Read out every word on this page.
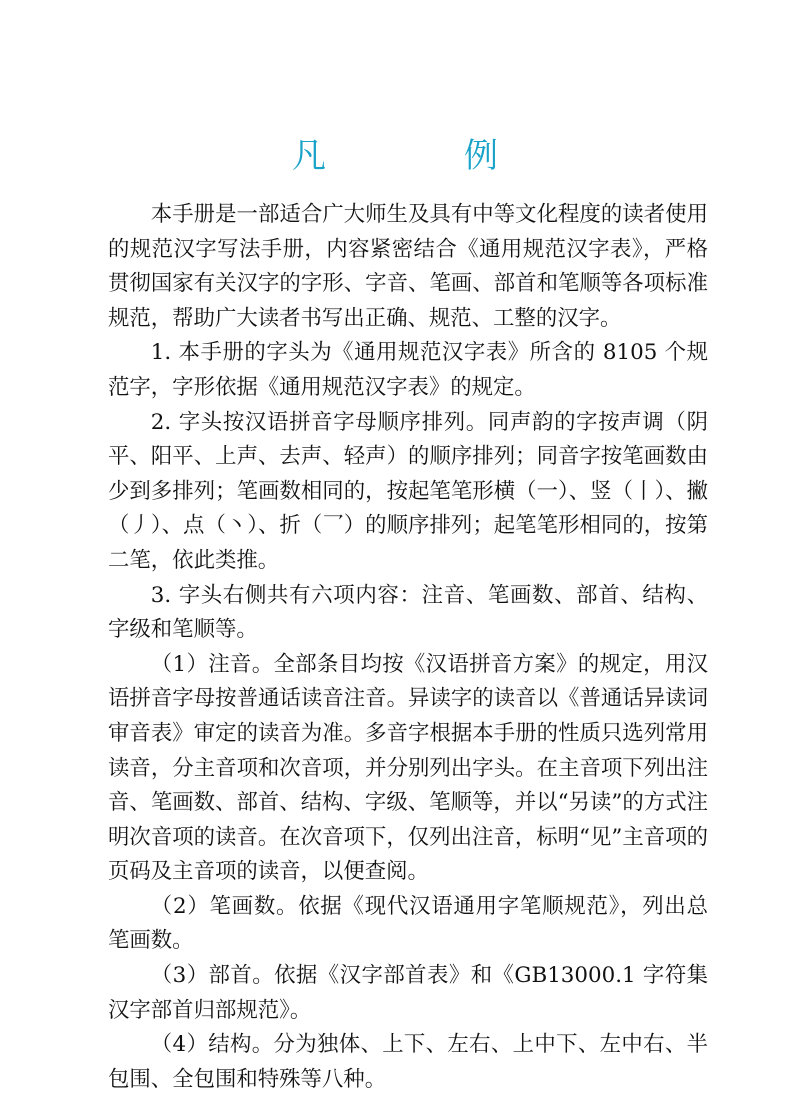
凡　例

本手册是一部适合广大师生及具有中等文化程度的读者使用的规范汉字写法手册，内容紧密结合《通用规范汉字表》，严格贯彻国家有关汉字的字形、字音、笔画、部首和笔顺等各项标准规范，帮助广大读者书写出正确、规范、工整的汉字。

1. 本手册的字头为《通用规范汉字表》所含的 8105 个规范字，字形依据《通用规范汉字表》的规定。

2. 字头按汉语拼音字母顺序排列。同声韵的字按声调（阴平、阳平、上声、去声、轻声）的顺序排列；同音字按笔画数由少到多排列；笔画数相同的，按起笔笔形横（一）、竖（丨）、撇（丿）、点（丶）、折（乛）的顺序排列；起笔笔形相同的，按第二笔，依此类推。

3. 字头右侧共有六项内容：注音、笔画数、部首、结构、字级和笔顺等。

（1）注音。全部条目均按《汉语拼音方案》的规定，用汉语拼音字母按普通话读音注音。异读字的读音以《普通话异读词审音表》审定的读音为准。多音字根据本手册的性质只选列常用读音，分主音项和次音项，并分别列出字头。在主音项下列出注音、笔画数、部首、结构、字级、笔顺等，并以“另读”的方式注明次音项的读音。在次音项下，仅列出注音，标明“见”主音项的页码及主音项的读音，以便查阅。

（2）笔画数。依据《现代汉语通用字笔顺规范》，列出总笔画数。

（3）部首。依据《汉字部首表》和《GB13000.1 字符集汉字部首归部规范》。

（4）结构。分为独体、上下、左右、上中下、左中右、半包围、全包围和特殊等八种。
